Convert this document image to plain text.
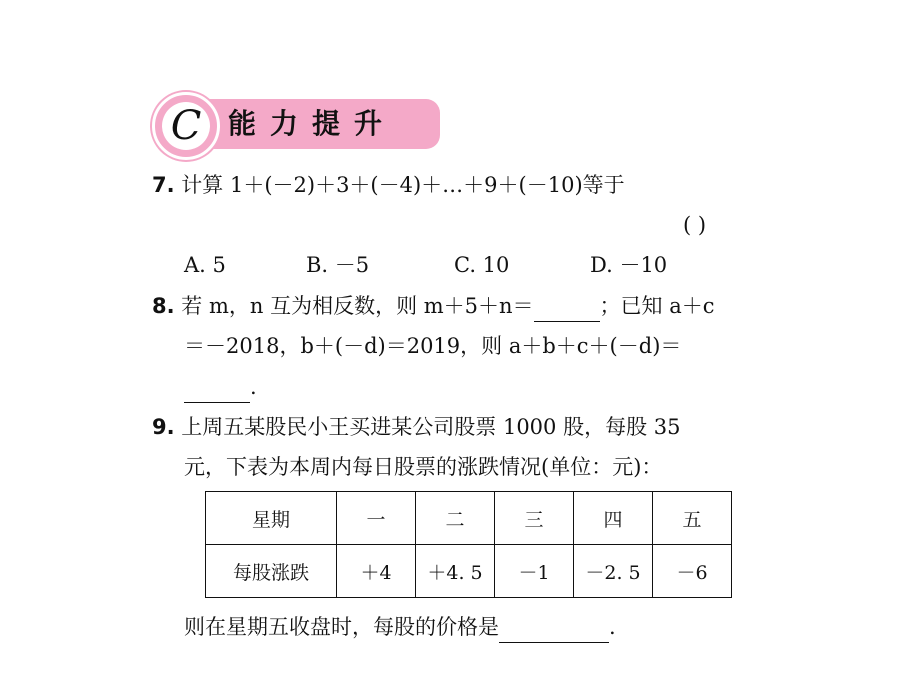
C 能力提升
7. 计算 1＋(－2)＋3＋(－4)＋…＋9＋(－10)等于
( )
A. 5	B. －5	C. 10	D. －10
8. 若 m，n 互为相反数，则 m＋5＋n＝	；已知 a＋c
＝－2018，b＋(－d)＝2019，则 a＋b＋c＋(－d)＝
.
9. 上周五某股民小王买进某公司股票 1000 股，每股 35
元，下表为本周内每日股票的涨跌情况(单位：元)：
星期	一	二	三	四	五
每股涨跌	＋4	＋4. 5	－1	－2. 5	－6
则在星期五收盘时，每股的价格是	.
